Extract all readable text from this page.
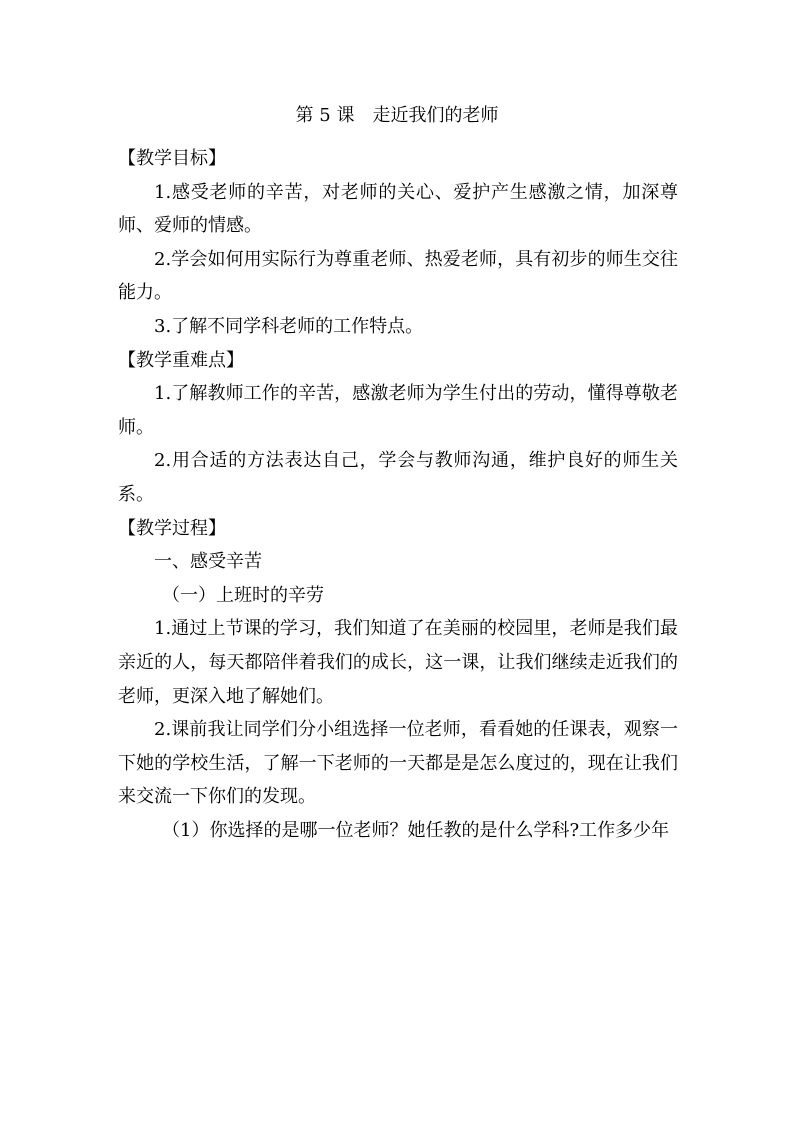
第 5 课　走近我们的老师

【教学目标】

1.感受老师的辛苦，对老师的关心、爱护产生感激之情，加深尊师、爱师的情感。

2.学会如何用实际行为尊重老师、热爱老师，具有初步的师生交往能力。

3.了解不同学科老师的工作特点。

【教学重难点】

1.了解教师工作的辛苦，感激老师为学生付出的劳动，懂得尊敬老师。

2.用合适的方法表达自己，学会与教师沟通，维护良好的师生关系。

【教学过程】

一、感受辛苦

（一）上班时的辛劳

1.通过上节课的学习，我们知道了在美丽的校园里，老师是我们最亲近的人，每天都陪伴着我们的成长，这一课，让我们继续走近我们的老师，更深入地了解她们。

2.课前我让同学们分小组选择一位老师，看看她的任课表，观察一下她的学校生活，了解一下老师的一天都是是怎么度过的，现在让我们来交流一下你们的发现。

（1）你选择的是哪一位老师？她任教的是什么学科?工作多少年
